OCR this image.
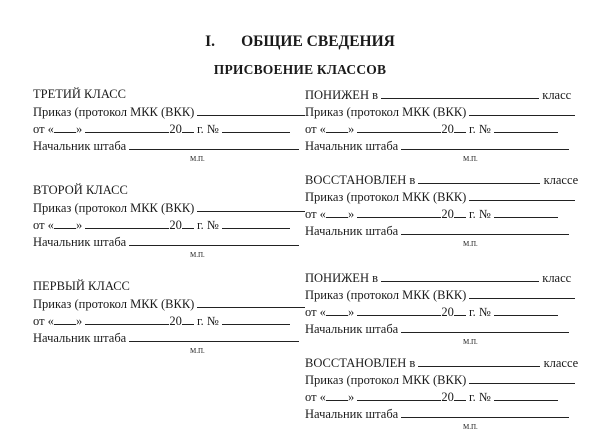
I. ОБЩИЕ СВЕДЕНИЯ
ПРИСВОЕНИЕ КЛАССОВ
ТРЕТИЙ КЛАСС
Приказ (протокол МКК (ВКК)
от « »	20 г. №
Начальник штаба
М.П.
ВТОРОЙ КЛАСС
Приказ (протокол МКК (ВКК)
от « »	20 г. №
Начальник штаба
М.П.
ПЕРВЫЙ КЛАСС
Приказ (протокол МКК (ВКК)
от « »	20 г. №
Начальник штаба
М.П.
ПОНИЖЕН в	класс
Приказ (протокол МКК (ВКК)
от « »	20 г. №
Начальник штаба
М.П.
ВОССТАНОВЛЕН в	классе
Приказ (протокол МКК (ВКК)
от « »	20 г. №
Начальник штаба
М.П.
ПОНИЖЕН в	класс
Приказ (протокол МКК (ВКК)
от « »	20 г. №
Начальник штаба
М.П.
ВОССТАНОВЛЕН в	классе
Приказ (протокол МКК (ВКК)
от « »	20 г. №
Начальник штаба
М.П.
